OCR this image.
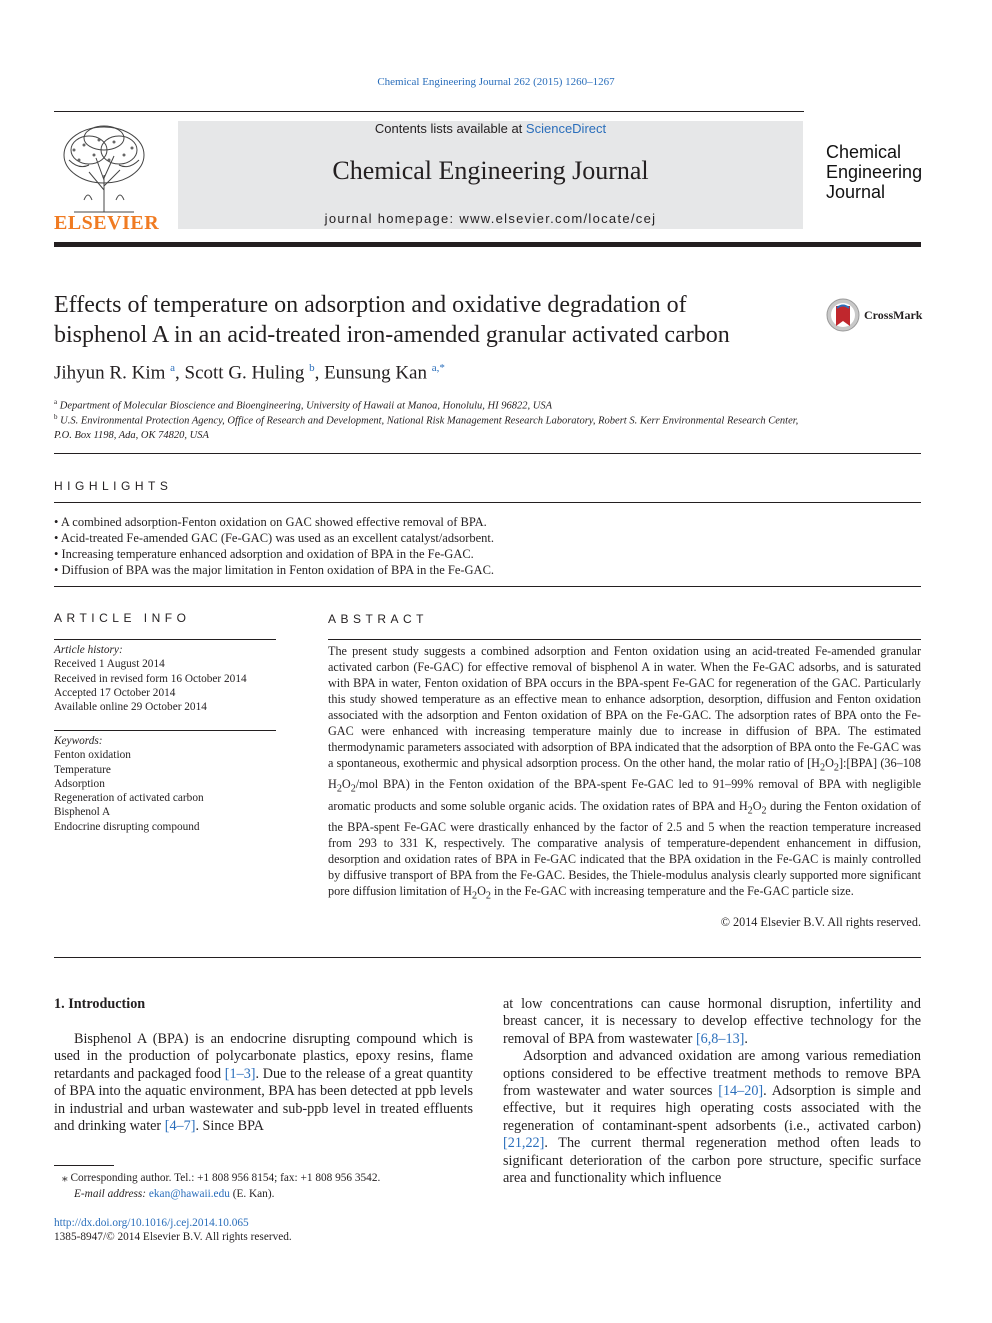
Chemical Engineering Journal 262 (2015) 1260–1267
ELSEVIER
Contents lists available at ScienceDirect
Chemical Engineering Journal
journal homepage: www.elsevier.com/locate/cej
Chemical
Engineering
Journal
Effects of temperature on adsorption and oxidative degradation of
bisphenol A in an acid-treated iron-amended granular activated carbon
CrossMark
Jihyun R. Kim $^a$, Scott G. Huling $^b$, Eunsung Kan $^{a,*}$
$^a$ Department of Molecular Bioscience and Bioengineering, University of Hawaii at Manoa, Honolulu, HI 96822, USA
$^b$ U.S. Environmental Protection Agency, Office of Research and Development, National Risk Management Research Laboratory, Robert S. Kerr Environmental Research Center,
P.O. Box 1198, Ada, OK 74820, USA
HIGHLIGHTS
• A combined adsorption-Fenton oxidation on GAC showed effective removal of BPA.
• Acid-treated Fe-amended GAC (Fe-GAC) was used as an excellent catalyst/adsorbent.
• Increasing temperature enhanced adsorption and oxidation of BPA in the Fe-GAC.
• Diffusion of BPA was the major limitation in Fenton oxidation of BPA in the Fe-GAC.
ARTICLE INFO
Article history:
Received 1 August 2014
Received in revised form 16 October 2014
Accepted 17 October 2014
Available online 29 October 2014
Keywords:
Fenton oxidation
Temperature
Adsorption
Regeneration of activated carbon
Bisphenol A
Endocrine disrupting compound
ABSTRACT
The present study suggests a combined adsorption and Fenton oxidation using an acid-treated Fe-amended granular activated carbon (Fe-GAC) for effective removal of bisphenol A in water. When the Fe-GAC adsorbs, and is saturated with BPA in water, Fenton oxidation of BPA occurs in the BPA-spent Fe-GAC for regeneration of the GAC. Particularly this study showed temperature as an effective mean to enhance adsorption, desorption, diffusion and Fenton oxidation associated with the adsorption and Fenton oxidation of BPA on the Fe-GAC. The adsorption rates of BPA onto the Fe-GAC were enhanced with increasing temperature mainly due to increase in diffusion of BPA. The estimated thermodynamic parameters associated with adsorption of BPA indicated that the adsorption of BPA onto the Fe-GAC was a spontaneous, exothermic and physical adsorption process. On the other hand, the molar ratio of $[H_2O_2]:[BPA]$ (36–108 $H_2O_2$/mol BPA) in the Fenton oxidation of the BPA-spent Fe-GAC led to 91–99% removal of BPA with negligible aromatic products and some soluble organic acids. The oxidation rates of BPA and $H_2O_2$ during the Fenton oxidation of the BPA-spent Fe-GAC were drastically enhanced by the factor of 2.5 and 5 when the reaction temperature increased from 293 to 331 K, respectively. The comparative analysis of temperature-dependent enhancement in diffusion, desorption and oxidation rates of BPA in Fe-GAC indicated that the BPA oxidation in the Fe-GAC is mainly controlled by diffusive transport of BPA from the Fe-GAC. Besides, the Thiele-modulus analysis clearly supported more significant pore diffusion limitation of $H_2O_2$ in the Fe-GAC with increasing temperature and the Fe-GAC particle size.
© 2014 Elsevier B.V. All rights reserved.
1. Introduction

Bisphenol A (BPA) is an endocrine disrupting compound which is used in the production of polycarbonate plastics, epoxy resins, flame retardants and packaged food [1–3]. Due to the release of a great quantity of BPA into the aquatic environment, BPA has been detected at ppb levels in industrial and urban wastewater and sub-ppb level in treated effluents and drinking water [4–7]. Since BPA

at low concentrations can cause hormonal disruption, infertility and breast cancer, it is necessary to develop effective technology for the removal of BPA from wastewater [6,8–13].

Adsorption and advanced oxidation are among various remediation options considered to be effective treatment methods to remove BPA from wastewater and water sources [14–20]. Adsorption is simple and effective, but it requires high operating costs associated with the regeneration of contaminant-spent adsorbents (i.e., activated carbon) [21,22]. The current thermal regeneration method often leads to significant deterioration of the carbon pore structure, specific surface area and functionality which influence

⁎ Corresponding author. Tel.: +1 808 956 8154; fax: +1 808 956 3542.
E-mail address: ekan@hawaii.edu (E. Kan).
http://dx.doi.org/10.1016/j.cej.2014.10.065
1385-8947/© 2014 Elsevier B.V. All rights reserved.
